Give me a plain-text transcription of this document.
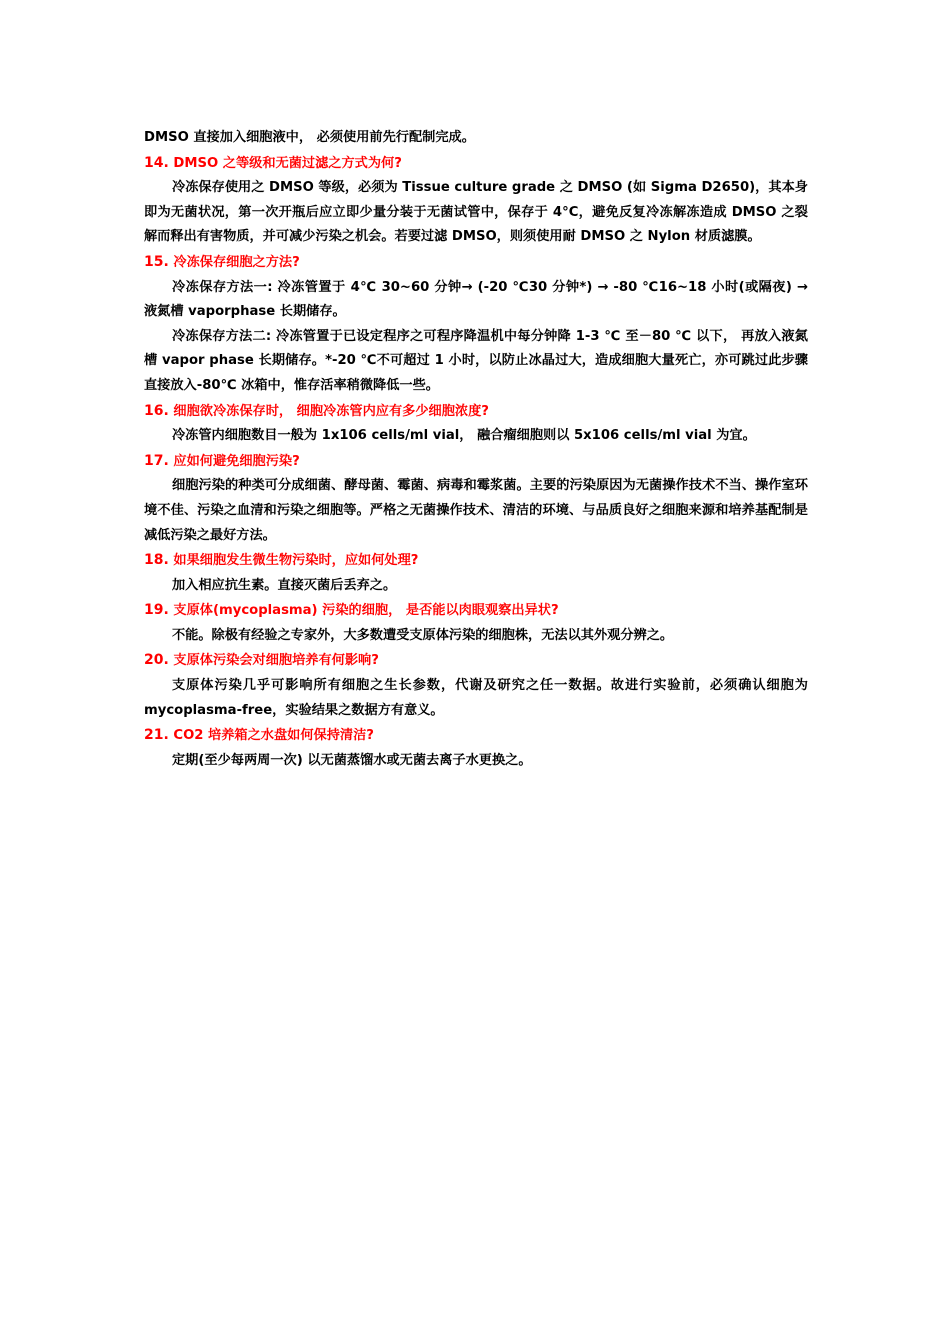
DMSO 直接加入细胞液中， 必须使用前先行配制完成。

14. DMSO 之等级和无菌过滤之方式为何?

冷冻保存使用之 DMSO 等级，必须为 Tissue culture grade 之 DMSO (如 Sigma D2650)，其本身即为无菌状况，第一次开瓶后应立即少量分装于无菌试管中，保存于 4°C，避免反复冷冻解冻造成 DMSO 之裂解而释出有害物质，并可减少污染之机会。若要过滤 DMSO，则须使用耐 DMSO 之 Nylon 材质滤膜。

15. 冷冻保存细胞之方法?

冷冻保存方法一: 冷冻管置于 4℃ 30~60 分钟→ (-20 ℃30 分钟*) → -80 ℃16~18 小时(或隔夜) → 液氮槽 vaporphase 长期储存。

冷冻保存方法二: 冷冻管置于已设定程序之可程序降温机中每分钟降 1-3 ℃ 至－80 ℃ 以下， 再放入液氮槽 vapor phase 长期储存。*-20 ℃不可超过 1 小时，以防止冰晶过大，造成细胞大量死亡，亦可跳过此步骤直接放入-80℃ 冰箱中，惟存活率稍微降低一些。

16. 细胞欲冷冻保存时， 细胞冷冻管内应有多少细胞浓度?

冷冻管内细胞数目一般为 1x106 cells/ml vial， 融合瘤细胞则以 5x106 cells/ml vial 为宜。

17. 应如何避免细胞污染?

细胞污染的种类可分成细菌、酵母菌、霉菌、病毒和霉浆菌。主要的污染原因为无菌操作技术不当、操作室环境不佳、污染之血清和污染之细胞等。严格之无菌操作技术、清洁的环境、与品质良好之细胞来源和培养基配制是减低污染之最好方法。

18. 如果细胞发生微生物污染时，应如何处理?

加入相应抗生素。直接灭菌后丢弃之。

19. 支原体(mycoplasma) 污染的细胞， 是否能以肉眼观察出异状?

不能。除极有经验之专家外，大多数遭受支原体污染的细胞株，无法以其外观分辨之。

20. 支原体污染会对细胞培养有何影响?

支原体污染几乎可影响所有细胞之生长参数，代谢及研究之任一数据。故进行实验前，必须确认细胞为 mycoplasma-free，实验结果之数据方有意义。

21. CO2 培养箱之水盘如何保持清洁?

定期(至少每两周一次) 以无菌蒸馏水或无菌去离子水更换之。
